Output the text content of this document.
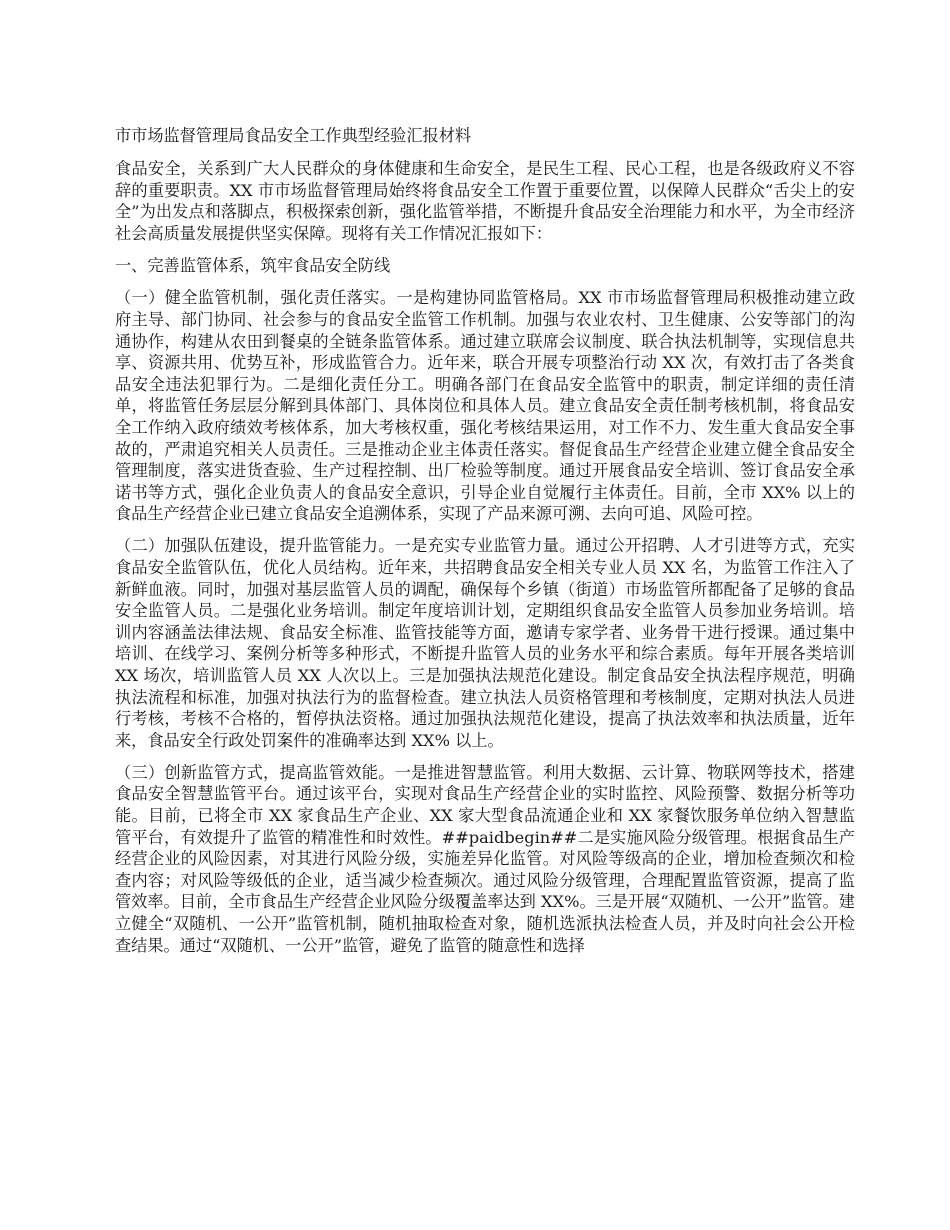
市市场监督管理局食品安全工作典型经验汇报材料

食品安全，关系到广大人民群众的身体健康和生命安全，是民生工程、民心工程，也是各级政府义不容辞的重要职责。XX 市市场监督管理局始终将食品安全工作置于重要位置，以保障人民群众“舌尖上的安全”为出发点和落脚点，积极探索创新，强化监管举措，不断提升食品安全治理能力和水平，为全市经济社会高质量发展提供坚实保障。现将有关工作情况汇报如下：

一、完善监管体系，筑牢食品安全防线

（一）健全监管机制，强化责任落实。一是构建协同监管格局。XX 市市场监督管理局积极推动建立政府主导、部门协同、社会参与的食品安全监管工作机制。加强与农业农村、卫生健康、公安等部门的沟通协作，构建从农田到餐桌的全链条监管体系。通过建立联席会议制度、联合执法机制等，实现信息共享、资源共用、优势互补，形成监管合力。近年来，联合开展专项整治行动 XX 次，有效打击了各类食品安全违法犯罪行为。二是细化责任分工。明确各部门在食品安全监管中的职责，制定详细的责任清单，将监管任务层层分解到具体部门、具体岗位和具体人员。建立食品安全责任制考核机制，将食品安全工作纳入政府绩效考核体系，加大考核权重，强化考核结果运用，对工作不力、发生重大食品安全事故的，严肃追究相关人员责任。三是推动企业主体责任落实。督促食品生产经营企业建立健全食品安全管理制度，落实进货查验、生产过程控制、出厂检验等制度。通过开展食品安全培训、签订食品安全承诺书等方式，强化企业负责人的食品安全意识，引导企业自觉履行主体责任。目前，全市 XX% 以上的食品生产经营企业已建立食品安全追溯体系，实现了产品来源可溯、去向可追、风险可控。

（二）加强队伍建设，提升监管能力。一是充实专业监管力量。通过公开招聘、人才引进等方式，充实食品安全监管队伍，优化人员结构。近年来，共招聘食品安全相关专业人员 XX 名，为监管工作注入了新鲜血液。同时，加强对基层监管人员的调配，确保每个乡镇（街道）市场监管所都配备了足够的食品安全监管人员。二是强化业务培训。制定年度培训计划，定期组织食品安全监管人员参加业务培训。培训内容涵盖法律法规、食品安全标准、监管技能等方面，邀请专家学者、业务骨干进行授课。通过集中培训、在线学习、案例分析等多种形式，不断提升监管人员的业务水平和综合素质。每年开展各类培训 XX 场次，培训监管人员 XX 人次以上。三是加强执法规范化建设。制定食品安全执法程序规范，明确执法流程和标准，加强对执法行为的监督检查。建立执法人员资格管理和考核制度，定期对执法人员进行考核，考核不合格的，暂停执法资格。通过加强执法规范化建设，提高了执法效率和执法质量，近年来，食品安全行政处罚案件的准确率达到 XX% 以上。

（三）创新监管方式，提高监管效能。一是推进智慧监管。利用大数据、云计算、物联网等技术，搭建食品安全智慧监管平台。通过该平台，实现对食品生产经营企业的实时监控、风险预警、数据分析等功能。目前，已将全市 XX 家食品生产企业、XX 家大型食品流通企业和 XX 家餐饮服务单位纳入智慧监管平台，有效提升了监管的精准性和时效性。##paidbegin##二是实施风险分级管理。根据食品生产经营企业的风险因素，对其进行风险分级，实施差异化监管。对风险等级高的企业，增加检查频次和检查内容；对风险等级低的企业，适当减少检查频次。通过风险分级管理，合理配置监管资源，提高了监管效率。目前，全市食品生产经营企业风险分级覆盖率达到 XX%。三是开展“双随机、一公开”监管。建立健全“双随机、一公开”监管机制，随机抽取检查对象，随机选派执法检查人员，并及时向社会公开检查结果。通过“双随机、一公开”监管，避免了监管的随意性和选择
